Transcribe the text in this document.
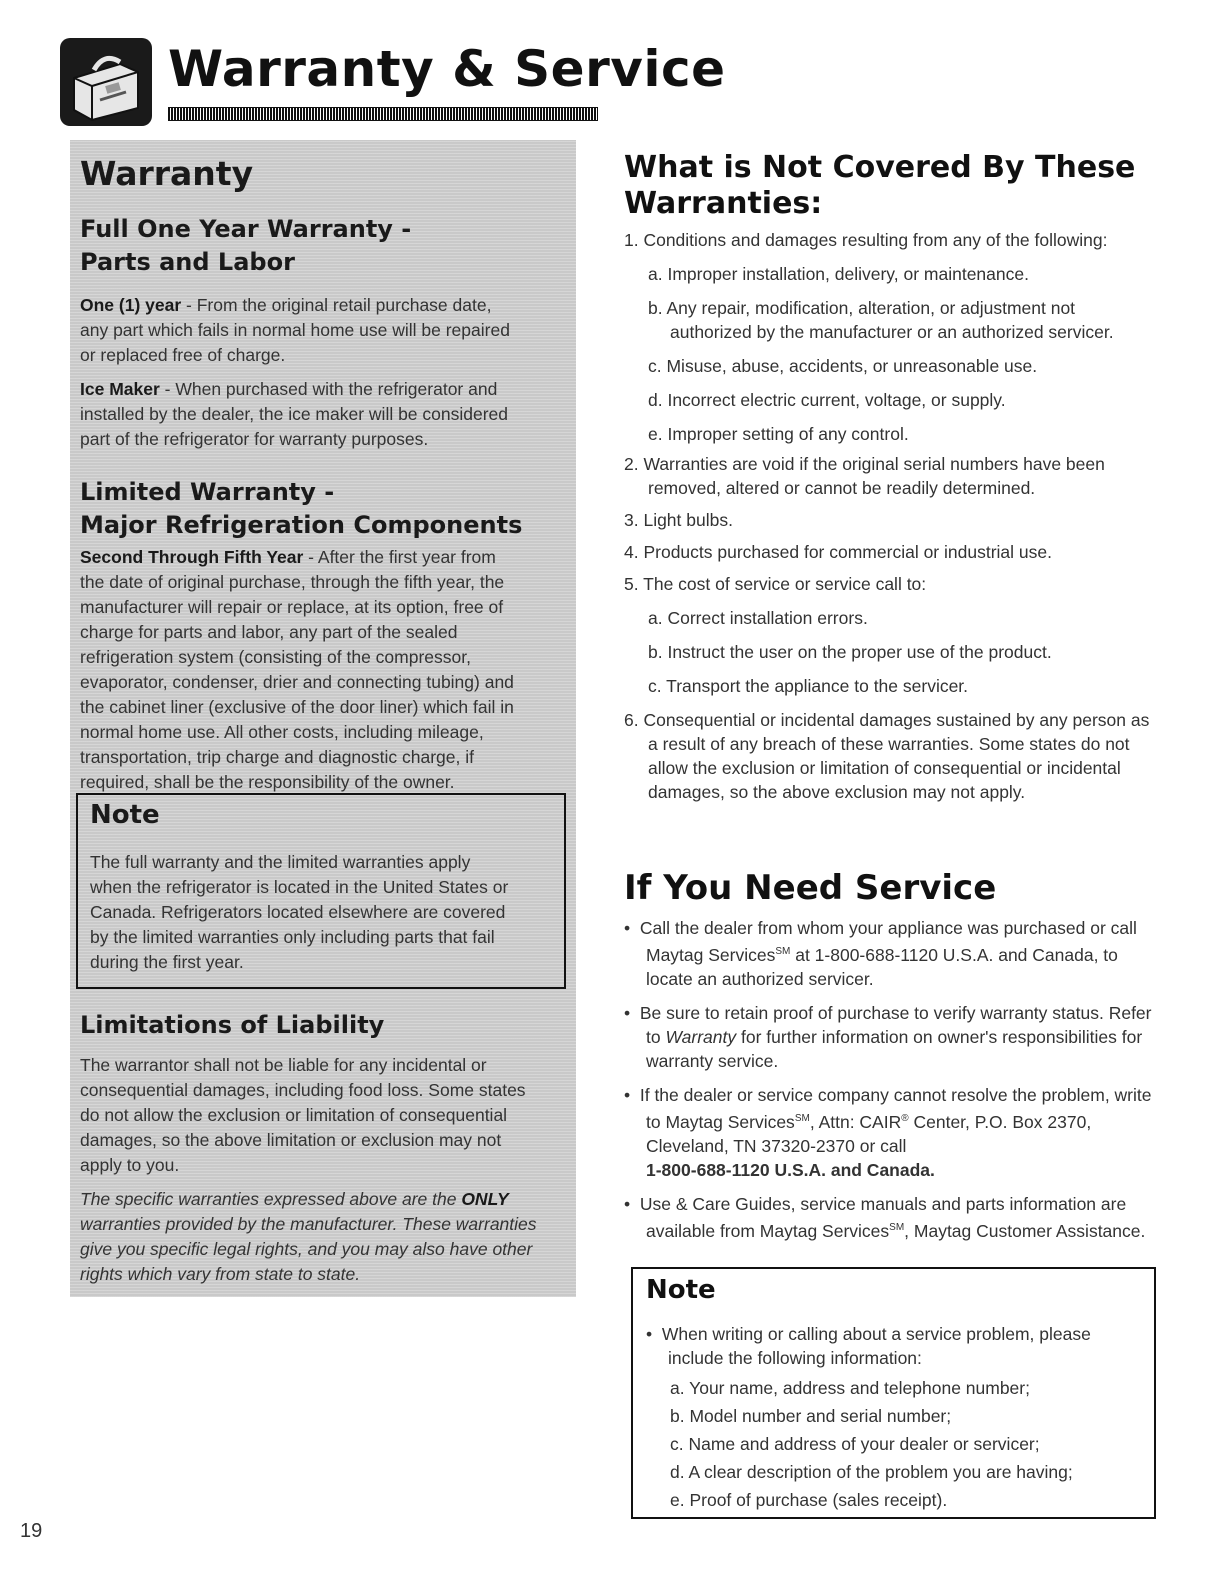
Warranty & Service
Warranty
Full One Year Warranty -
Parts and Labor
One (1) year - From the original retail purchase date,
any part which fails in normal home use will be repaired
or replaced free of charge.
Ice Maker - When purchased with the refrigerator and
installed by the dealer, the ice maker will be considered
part of the refrigerator for warranty purposes.
Limited Warranty -
Major Refrigeration Components
Second Through Fifth Year - After the first year from
the date of original purchase, through the fifth year, the
manufacturer will repair or replace, at its option, free of
charge for parts and labor, any part of the sealed
refrigeration system (consisting of the compressor,
evaporator, condenser, drier and connecting tubing) and
the cabinet liner (exclusive of the door liner) which fail in
normal home use. All other costs, including mileage,
transportation, trip charge and diagnostic charge, if
required, shall be the responsibility of the owner.
Note
The full warranty and the limited warranties apply
when the refrigerator is located in the United States or
Canada. Refrigerators located elsewhere are covered
by the limited warranties only including parts that fail
during the first year.
Limitations of Liability
The warrantor shall not be liable for any incidental or
consequential damages, including food loss. Some states
do not allow the exclusion or limitation of consequential
damages, so the above limitation or exclusion may not
apply to you.
The specific warranties expressed above are the ONLY
warranties provided by the manufacturer. These warranties
give you specific legal rights, and you may also have other
rights which vary from state to state.
What is Not Covered By These
Warranties:
1. Conditions and damages resulting from any of the following:
a. Improper installation, delivery, or maintenance.
b. Any repair, modification, alteration, or adjustment not authorized by the manufacturer or an authorized servicer.
c. Misuse, abuse, accidents, or unreasonable use.
d. Incorrect electric current, voltage, or supply.
e. Improper setting of any control.
2. Warranties are void if the original serial numbers have been removed, altered or cannot be readily determined.
3. Light bulbs.
4. Products purchased for commercial or industrial use.
5. The cost of service or service call to:
a. Correct installation errors.
b. Instruct the user on the proper use of the product.
c. Transport the appliance to the servicer.
6. Consequential or incidental damages sustained by any person as a result of any breach of these warranties. Some states do not allow the exclusion or limitation of consequential or incidental damages, so the above exclusion may not apply.
If You Need Service
•  Call the dealer from whom your appliance was purchased or call Maytag Services℠ at 1-800-688-1120 U.S.A. and Canada, to locate an authorized servicer.
•  Be sure to retain proof of purchase to verify warranty status. Refer to Warranty for further information on owner's responsibilities for warranty service.
•  If the dealer or service company cannot resolve the problem, write to Maytag Services℠, Attn: CAIR® Center, P.O. Box 2370, Cleveland, TN 37320-2370 or call
1-800-688-1120 U.S.A. and Canada.
•  Use & Care Guides, service manuals and parts information are available from Maytag Services℠, Maytag Customer Assistance.
Note
•  When writing or calling about a service problem, please include the following information:
a. Your name, address and telephone number;
b. Model number and serial number;
c. Name and address of your dealer or servicer;
d. A clear description of the problem you are having;
e. Proof of purchase (sales receipt).
19
